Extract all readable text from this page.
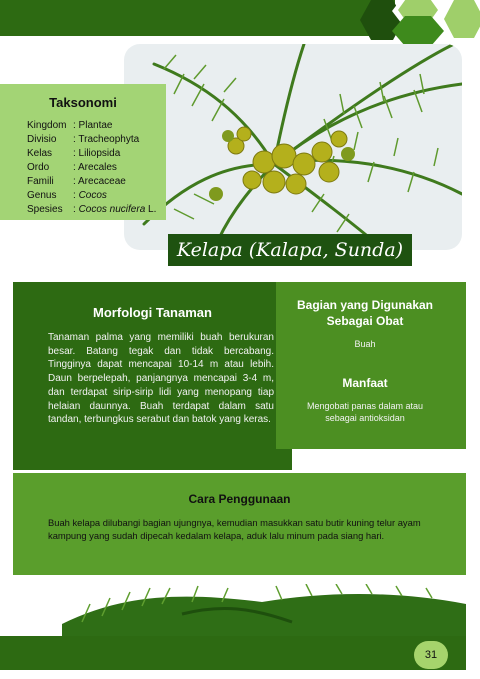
Taksonomi
Kingdom : Plantae
Divisio : Tracheophyta
Kelas : Liliopsida
Ordo : Arecales
Famili : Arecaceae
Genus : Cocos
Spesies : Cocos nucifera L.
Kelapa (Kalapa, Sunda)
Morfologi Tanaman
Tanaman palma yang memiliki buah berukuran besar. Batang tegak dan tidak bercabang. Tingginya dapat mencapai 10-14 m atau lebih. Daun berpelepah, panjangnya mencapai 3-4 m, dan terdapat sirip-sirip lidi yang menopang tiap helaian daunnya. Buah terdapat dalam satu tandan, terbungkus serabut dan batok yang keras.
Bagian yang Digunakan Sebagai Obat
Buah
Manfaat
Mengobati panas dalam atau sebagai antioksidan
Cara Penggunaan
Buah kelapa dilubangi bagian ujungnya, kemudian masukkan satu butir kuning telur ayam kampung yang sudah dipecah kedalam kelapa, aduk lalu minum pada siang hari.
31
